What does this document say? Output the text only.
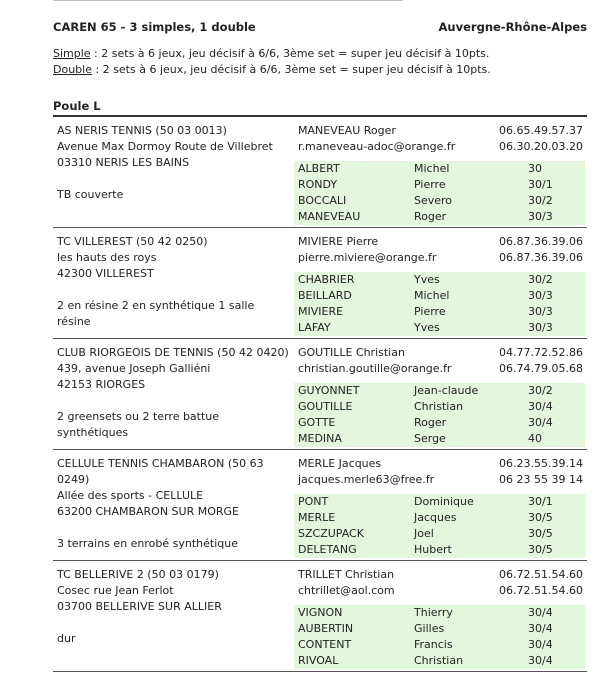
CAREN 65 - 3 simples, 1 double	Auvergne-Rhône-Alpes
Simple : 2 sets à 6 jeux, jeu décisif à 6/6, 3ème set = super jeu décisif à 10pts.
Double : 2 sets à 6 jeux, jeu décisif à 6/6, 3ème set = super jeu décisif à 10pts.
Poule L
AS NERIS TENNIS (50 03 0013)
Avenue Max Dormoy Route de Villebret
03310 NERIS LES BAINS
TB couverte
MANEVEAU Roger	06.65.49.57.37
r.maneveau-adoc@orange.fr	06.30.20.03.20
ALBERT	Michel	30
RONDY	Pierre	30/1
BOCCALI	Severo	30/2
MANEVEAU	Roger	30/3
TC VILLEREST (50 42 0250)
les hauts des roys
42300 VILLEREST
2 en résine 2 en synthétique 1 salle résine
MIVIERE Pierre	06.87.36.39.06
pierre.miviere@orange.fr	06.87.36.39.06
CHABRIER	Yves	30/2
BEILLARD	Michel	30/3
MIVIERE	Pierre	30/3
LAFAY	Yves	30/3
CLUB RIORGEOIS DE TENNIS (50 42 0420)
439, avenue Joseph Galliéni
42153 RIORGES
2 greensets ou 2 terre battue synthétiques
GOUTILLE Christian	04.77.72.52.86
christian.goutille@orange.fr	06.74.79.05.68
GUYONNET	Jean-claude	30/2
GOUTILLE	Christian	30/4
GOTTE	Roger	30/4
MEDINA	Serge	40
CELLULE TENNIS CHAMBARON (50 63
0249)
Allée des sports - CELLULE
63200 CHAMBARON SUR MORGE
3 terrains en enrobé synthétique
MERLE Jacques	06.23.55.39.14
jacques.merle63@free.fr	06 23 55 39 14
PONT	Dominique	30/1
MERLE	Jacques	30/5
SZCZUPACK	Joel	30/5
DELETANG	Hubert	30/5
TC BELLERIVE 2 (50 03 0179)
Cosec rue Jean Ferlot
03700 BELLERIVE SUR ALLIER
dur
TRILLET Christian	06.72.51.54.60
chtrillet@aol.com	06.72.51.54.60
VIGNON	Thierry	30/4
AUBERTIN	Gilles	30/4
CONTENT	Francis	30/4
RIVOAL	Christian	30/4
